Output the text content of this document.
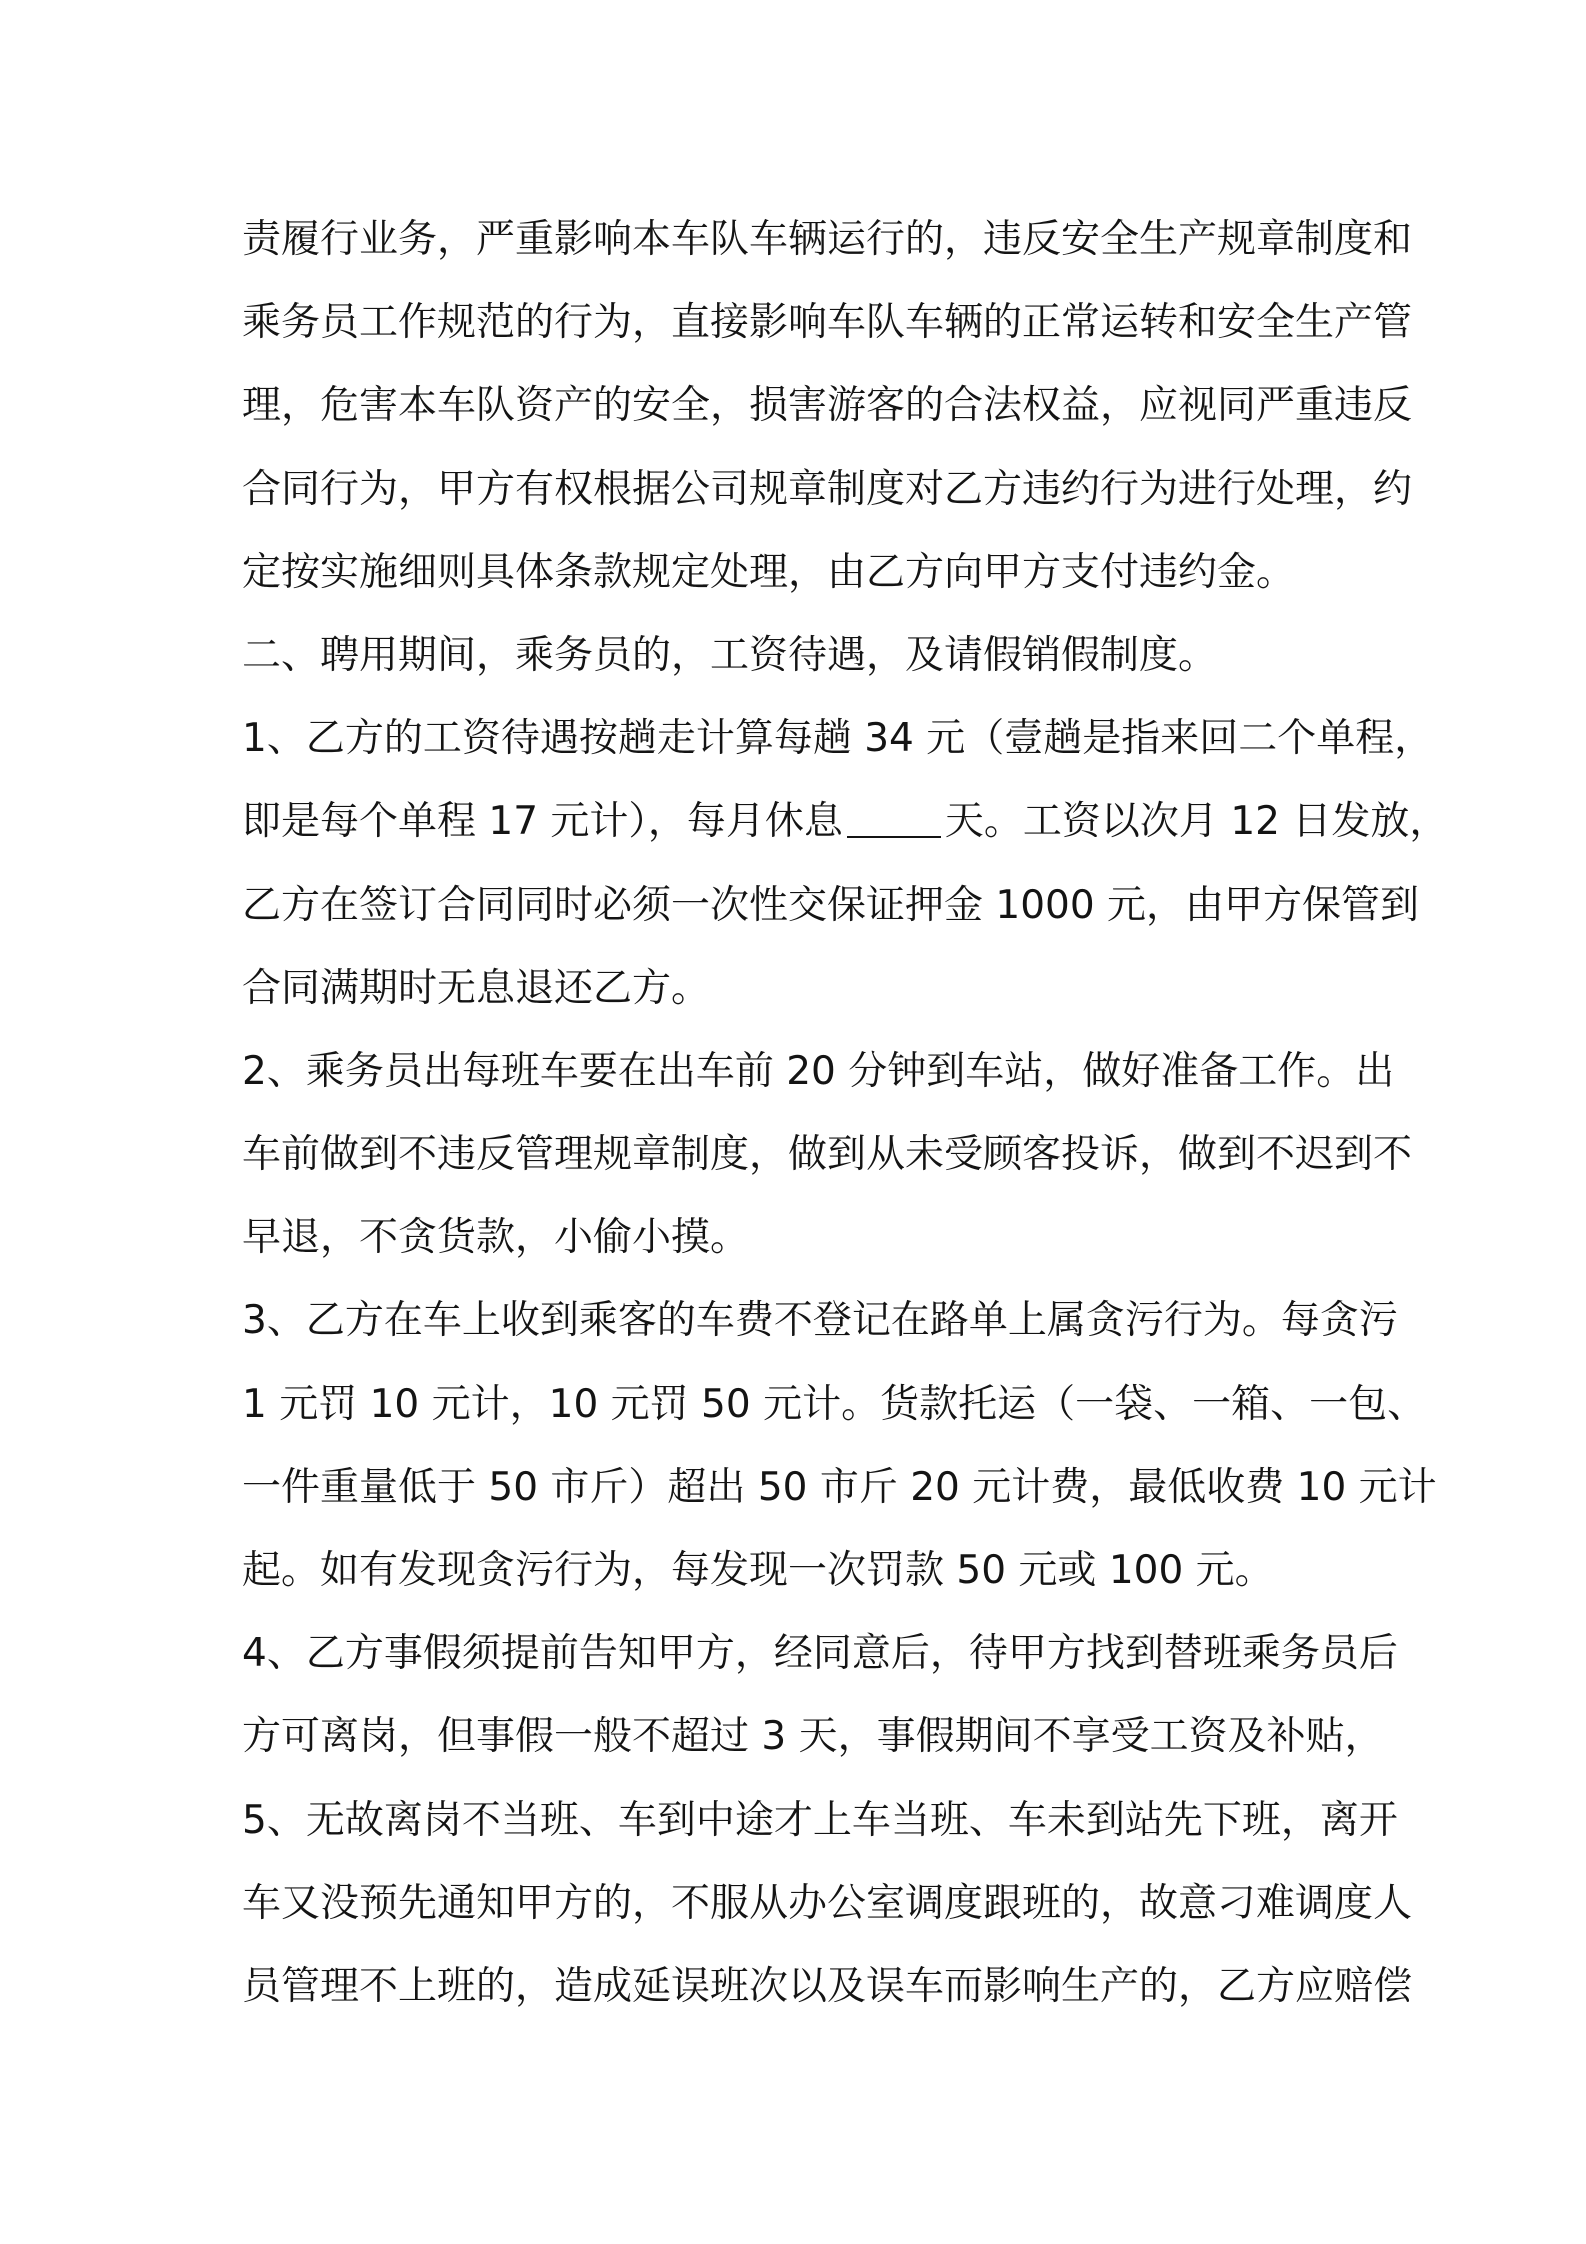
责履行业务，严重影响本车队车辆运行的，违反安全生产规章制度和
乘务员工作规范的行为，直接影响车队车辆的正常运转和安全生产管
理，危害本车队资产的安全，损害游客的合法权益，应视同严重违反
合同行为，甲方有权根据公司规章制度对乙方违约行为进行处理，约
定按实施细则具体条款规定处理，由乙方向甲方支付违约金。
二、聘用期间，乘务员的，工资待遇，及请假销假制度。
1、乙方的工资待遇按趟走计算每趟 34 元（壹趟是指来回二个单程，
即是每个单程 17 元计），每月休息	天。工资以次月 12 日发放，
乙方在签订合同同时必须一次性交保证押金 1000 元，由甲方保管到
合同满期时无息退还乙方。
2、乘务员出每班车要在出车前 20 分钟到车站，做好准备工作。出
车前做到不违反管理规章制度，做到从未受顾客投诉，做到不迟到不
早退，不贪货款，小偷小摸。
3、乙方在车上收到乘客的车费不登记在路单上属贪污行为。每贪污
1 元罚 10 元计，10 元罚 50 元计。货款托运（一袋、一箱、一包、
一件重量低于 50 市斤）超出 50 市斤 20 元计费，最低收费 10 元计
起。如有发现贪污行为，每发现一次罚款 50 元或 100 元。
4、乙方事假须提前告知甲方，经同意后，待甲方找到替班乘务员后
方可离岗，但事假一般不超过 3 天，事假期间不享受工资及补贴，
5、无故离岗不当班、车到中途才上车当班、车未到站先下班，离开
车又没预先通知甲方的，不服从办公室调度跟班的，故意刁难调度人
员管理不上班的，造成延误班次以及误车而影响生产的，乙方应赔偿
